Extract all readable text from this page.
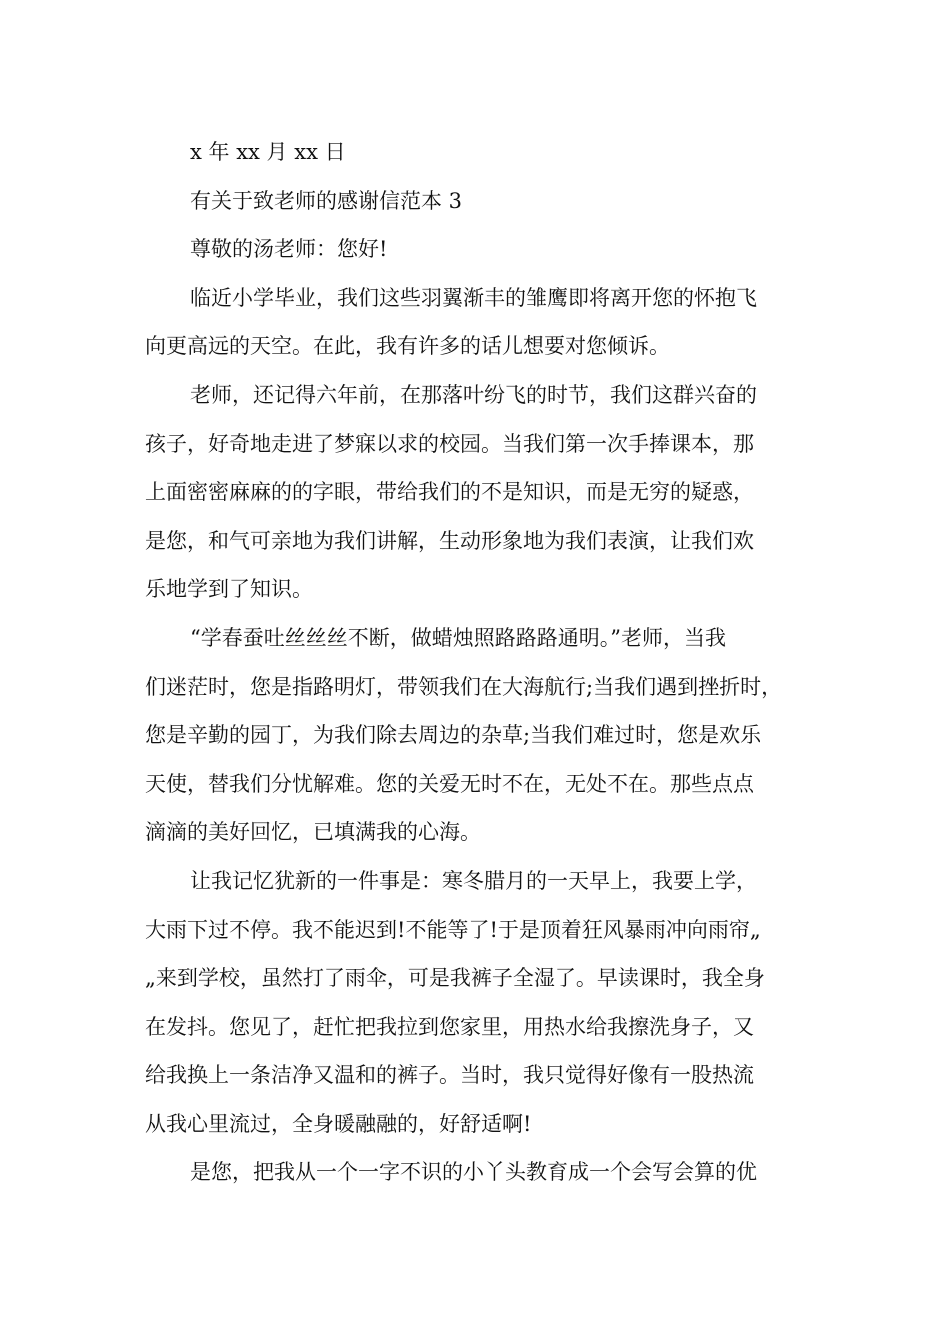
x 年 xx 月 xx 日
有关于致老师的感谢信范本 3
尊敬的汤老师：您好!
临近小学毕业，我们这些羽翼渐丰的雏鹰即将离开您的怀抱飞
向更高远的天空。在此，我有许多的话儿想要对您倾诉。
老师，还记得六年前，在那落叶纷飞的时节，我们这群兴奋的
孩子，好奇地走进了梦寐以求的校园。当我们第一次手捧课本，那
上面密密麻麻的的字眼，带给我们的不是知识，而是无穷的疑惑，
是您，和气可亲地为我们讲解，生动形象地为我们表演，让我们欢
乐地学到了知识。
“学春蚕吐丝丝丝不断，做蜡烛照路路路通明。”老师，当我
们迷茫时，您是指路明灯，带领我们在大海航行;当我们遇到挫折时，
您是辛勤的园丁，为我们除去周边的杂草;当我们难过时，您是欢乐
天使，替我们分忧解难。您的关爱无时不在，无处不在。那些点点
滴滴的美好回忆，已填满我的心海。
让我记忆犹新的一件事是：寒冬腊月的一天早上，我要上学，
大雨下过不停。我不能迟到!不能等了!于是顶着狂风暴雨冲向雨帘„
„来到学校，虽然打了雨伞，可是我裤子全湿了。早读课时，我全身
在发抖。您见了，赶忙把我拉到您家里，用热水给我擦洗身子，又
给我换上一条洁净又温和的裤子。当时，我只觉得好像有一股热流
从我心里流过，全身暖融融的，好舒适啊!
是您，把我从一个一字不识的小丫头教育成一个会写会算的优
